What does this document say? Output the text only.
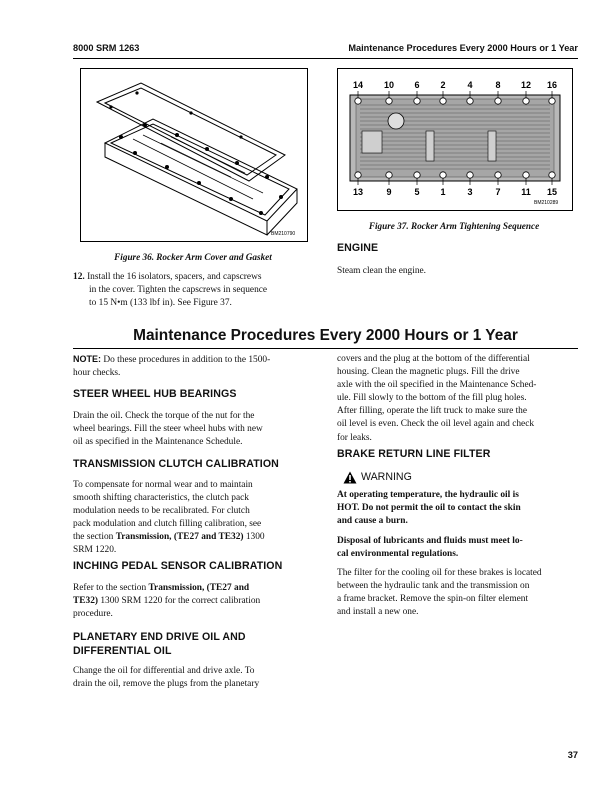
8000 SRM 1263	Maintenance Procedures Every 2000 Hours or 1 Year
BM210790
Figure 36. Rocker Arm Cover and Gasket
12. Install the 16 isolators, spacers, and capscrews
in the cover. Tighten the capscrews in sequence
to 15 N•m (133 lbf in). See Figure 37.
14 10 6 2 4	8 12 16
13	9	5 1 3	7 11 15
BM210289
Figure 37. Rocker Arm Tightening Sequence
ENGINE
Steam clean the engine.
Maintenance Procedures Every 2000 Hours or 1 Year
NOTE: Do these procedures in addition to the 1500-
hour checks.
STEER WHEEL HUB BEARINGS
Drain the oil. Check the torque of the nut for the
wheel bearings. Fill the steer wheel hubs with new
oil as specified in the Maintenance Schedule.
TRANSMISSION CLUTCH CALIBRATION
To compensate for normal wear and to maintain
smooth shifting characteristics, the clutch pack
modulation needs to be recalibrated. For clutch
pack modulation and clutch filling calibration, see
the section Transmission, (TE27 and TE32) 1300
SRM 1220.
INCHING PEDAL SENSOR CALIBRATION
Refer to the section Transmission, (TE27 and
TE32) 1300 SRM 1220 for the correct calibration
procedure.
PLANETARY END DRIVE OIL AND
DIFFERENTIAL OIL
Change the oil for differential and drive axle. To
drain the oil, remove the plugs from the planetary
covers and the plug at the bottom of the differential
housing. Clean the magnetic plugs. Fill the drive
axle with the oil specified in the Maintenance Sched-
ule. Fill slowly to the bottom of the fill plug holes.
After filling, operate the lift truck to make sure the
oil level is even. Check the oil level again and check
for leaks.
BRAKE RETURN LINE FILTER
WARNING
At operating temperature, the hydraulic oil is
HOT. Do not permit the oil to contact the skin
and cause a burn.
Disposal of lubricants and fluids must meet lo-
cal environmental regulations.
The filter for the cooling oil for these brakes is located
between the hydraulic tank and the transmission on
a frame bracket. Remove the spin-on filter element
and install a new one.
37
